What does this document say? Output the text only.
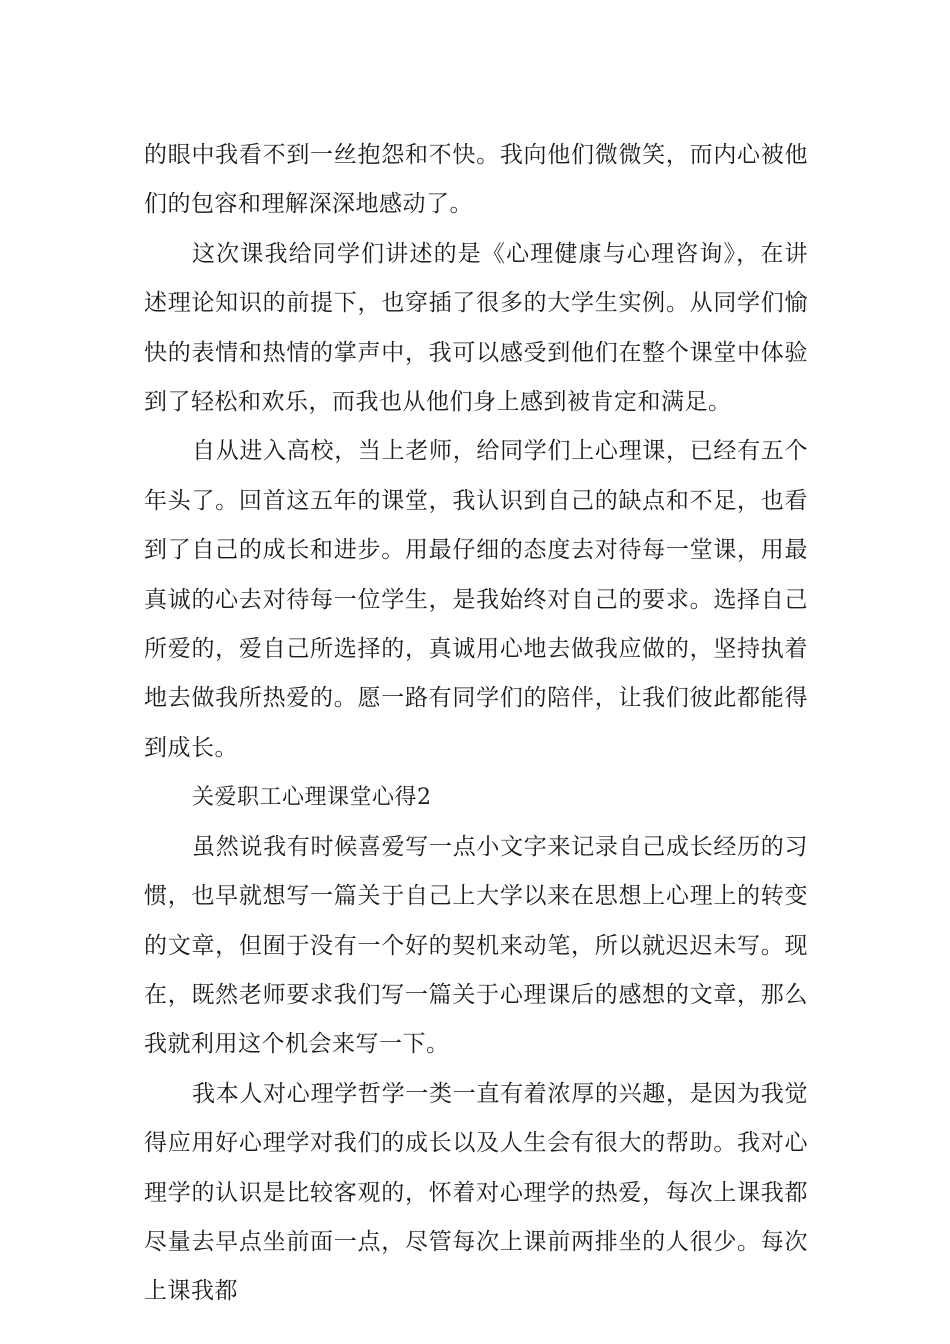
的眼中我看不到一丝抱怨和不快。我向他们微微笑，而内心被他们的包容和理解深深地感动了。

这次课我给同学们讲述的是《心理健康与心理咨询》，在讲述理论知识的前提下，也穿插了很多的大学生实例。从同学们愉快的表情和热情的掌声中，我可以感受到他们在整个课堂中体验到了轻松和欢乐，而我也从他们身上感到被肯定和满足。

自从进入高校，当上老师，给同学们上心理课，已经有五个年头了。回首这五年的课堂，我认识到自己的缺点和不足，也看到了自己的成长和进步。用最仔细的态度去对待每一堂课，用最真诚的心去对待每一位学生，是我始终对自己的要求。选择自己所爱的，爱自己所选择的，真诚用心地去做我应做的，坚持执着地去做我所热爱的。愿一路有同学们的陪伴，让我们彼此都能得到成长。

关爱职工心理课堂心得2

虽然说我有时候喜爱写一点小文字来记录自己成长经历的习惯，也早就想写一篇关于自己上大学以来在思想上心理上的转变的文章，但囿于没有一个好的契机来动笔，所以就迟迟未写。现在，既然老师要求我们写一篇关于心理课后的感想的文章，那么我就利用这个机会来写一下。

我本人对心理学哲学一类一直有着浓厚的兴趣，是因为我觉得应用好心理学对我们的成长以及人生会有很大的帮助。我对心理学的认识是比较客观的，怀着对心理学的热爱，每次上课我都尽量去早点坐前面一点，尽管每次上课前两排坐的人很少。每次上课我都
